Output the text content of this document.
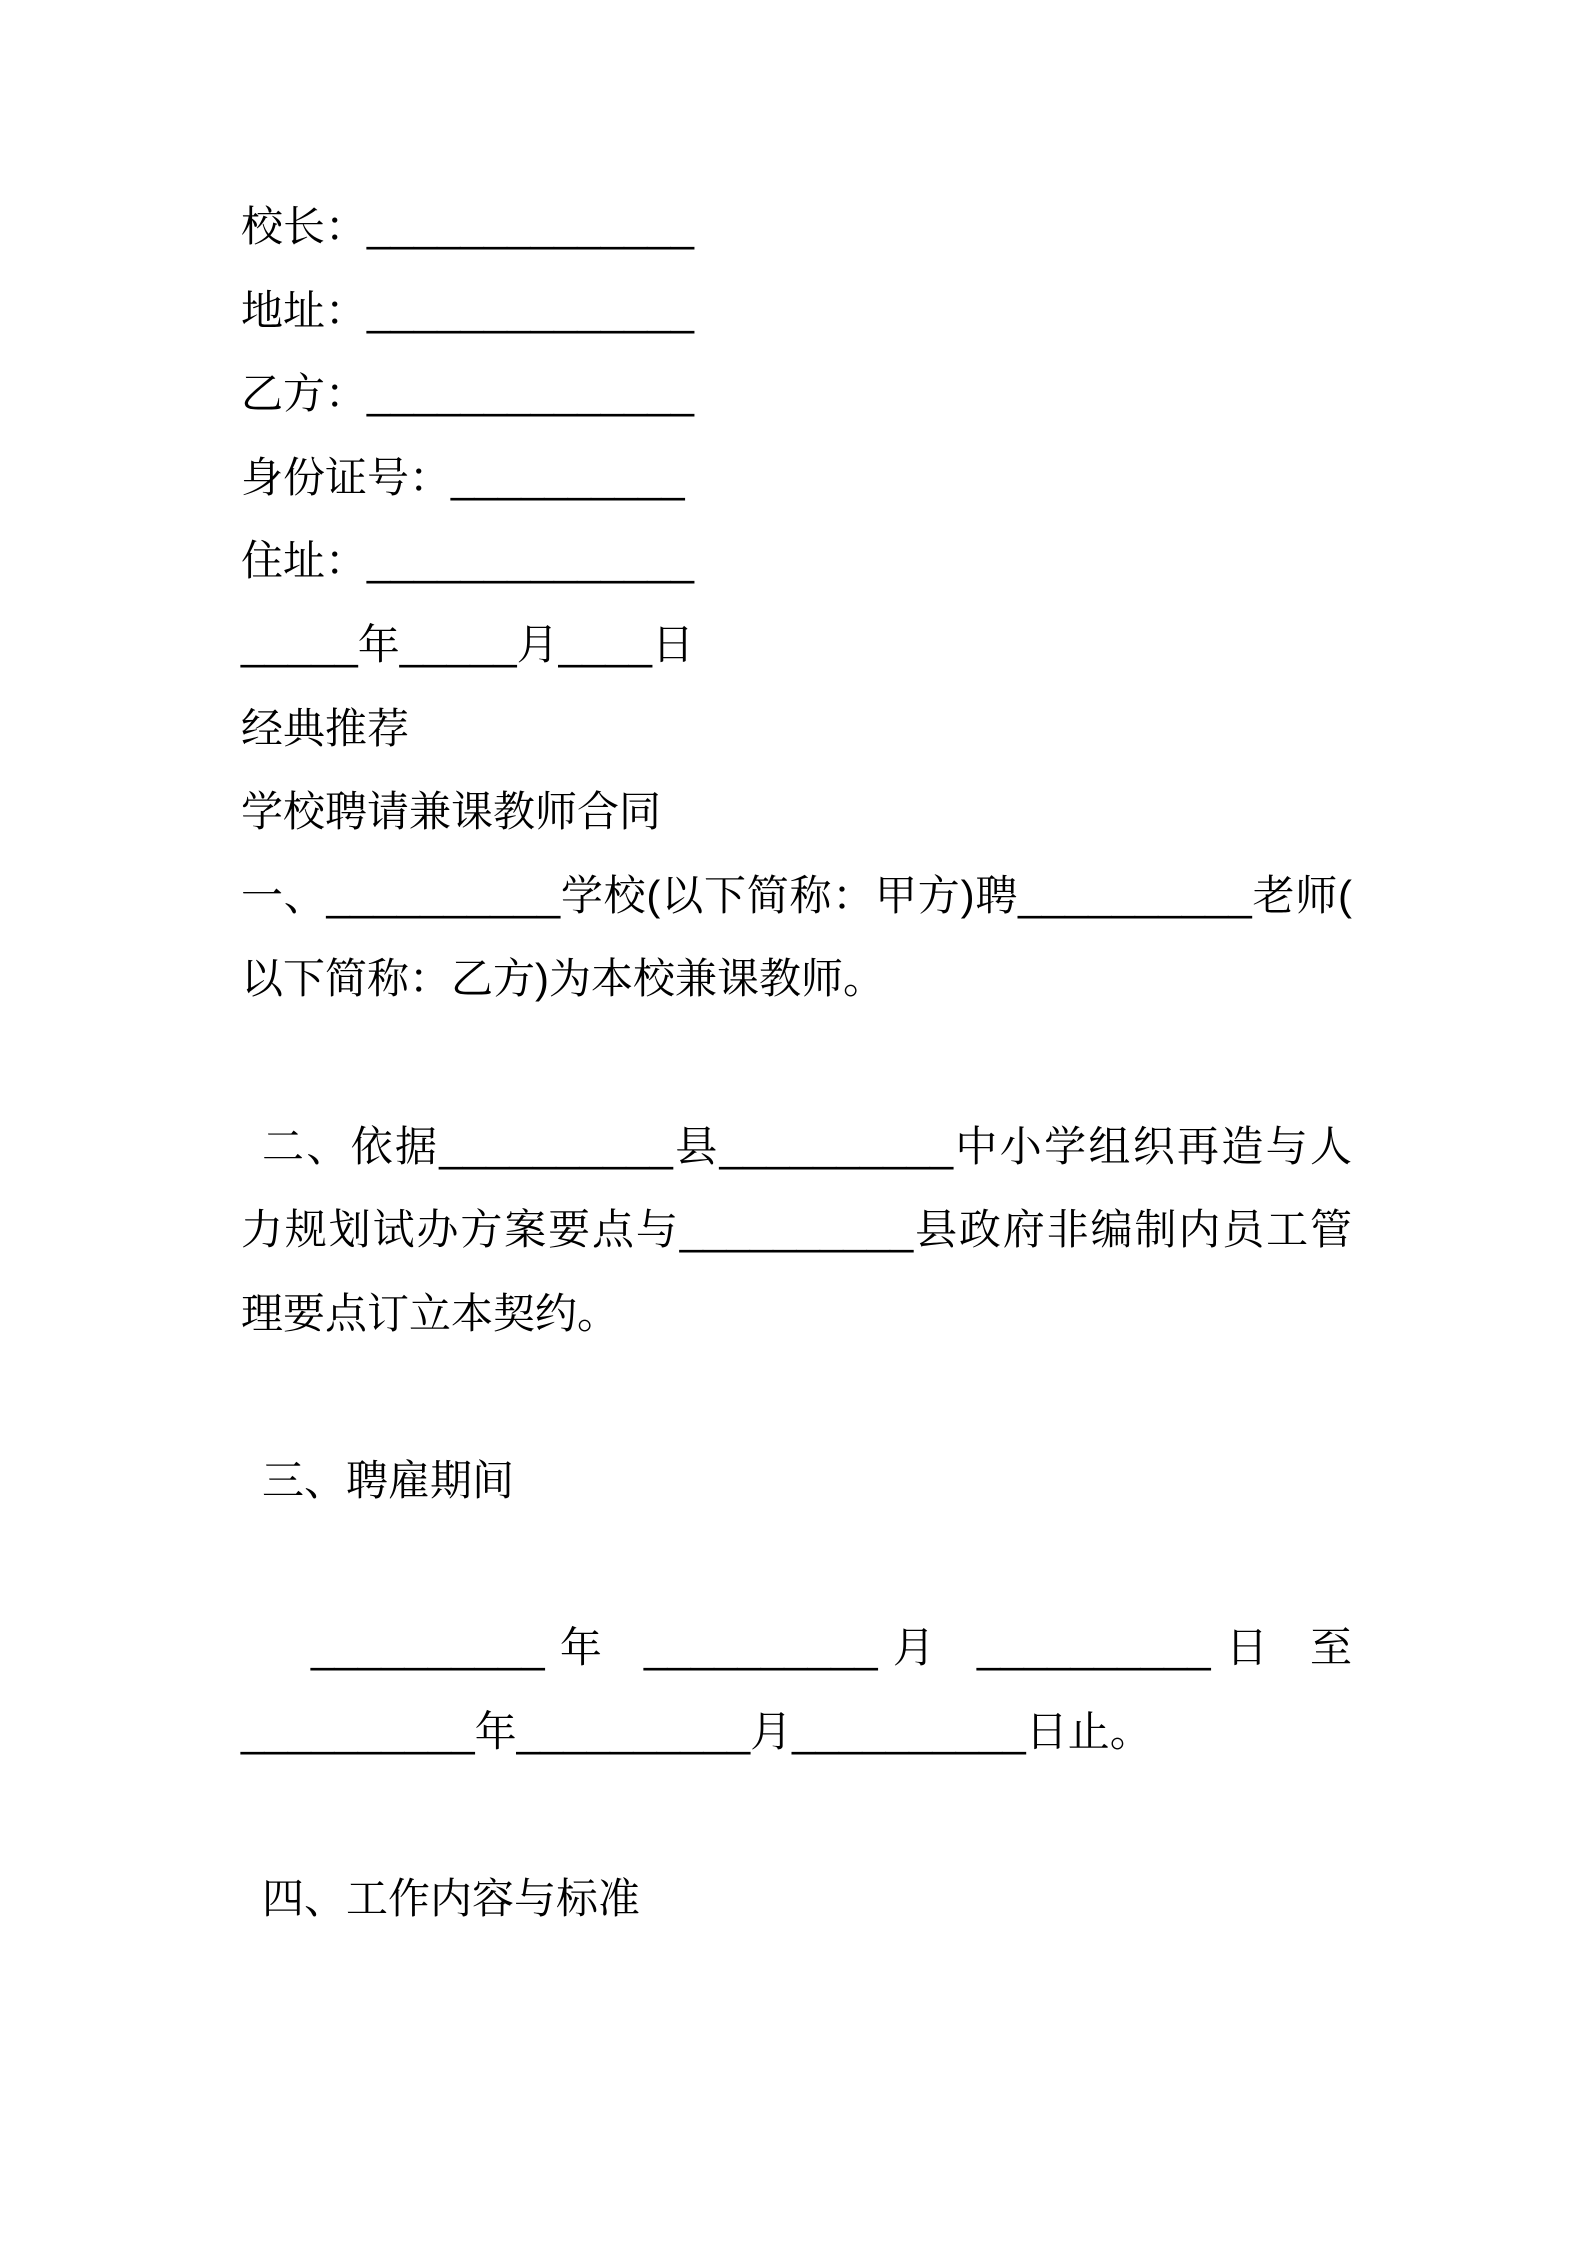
校长：______________
地址：______________
乙方：______________
身份证号：__________
住址：______________
_____年_____月____日
经典推荐
学校聘请兼课教师合同
一、__________学校(以下简称：甲方)聘__________老师(
以下简称：乙方)为本校兼课教师。
二、依据__________县__________中小学组织再造与人
力规划试办方案要点与__________县政府非编制内员工管
理要点订立本契约。
三、聘雇期间
__________年 __________月 __________日 至
__________年__________月__________日止。
四、工作内容与标准
